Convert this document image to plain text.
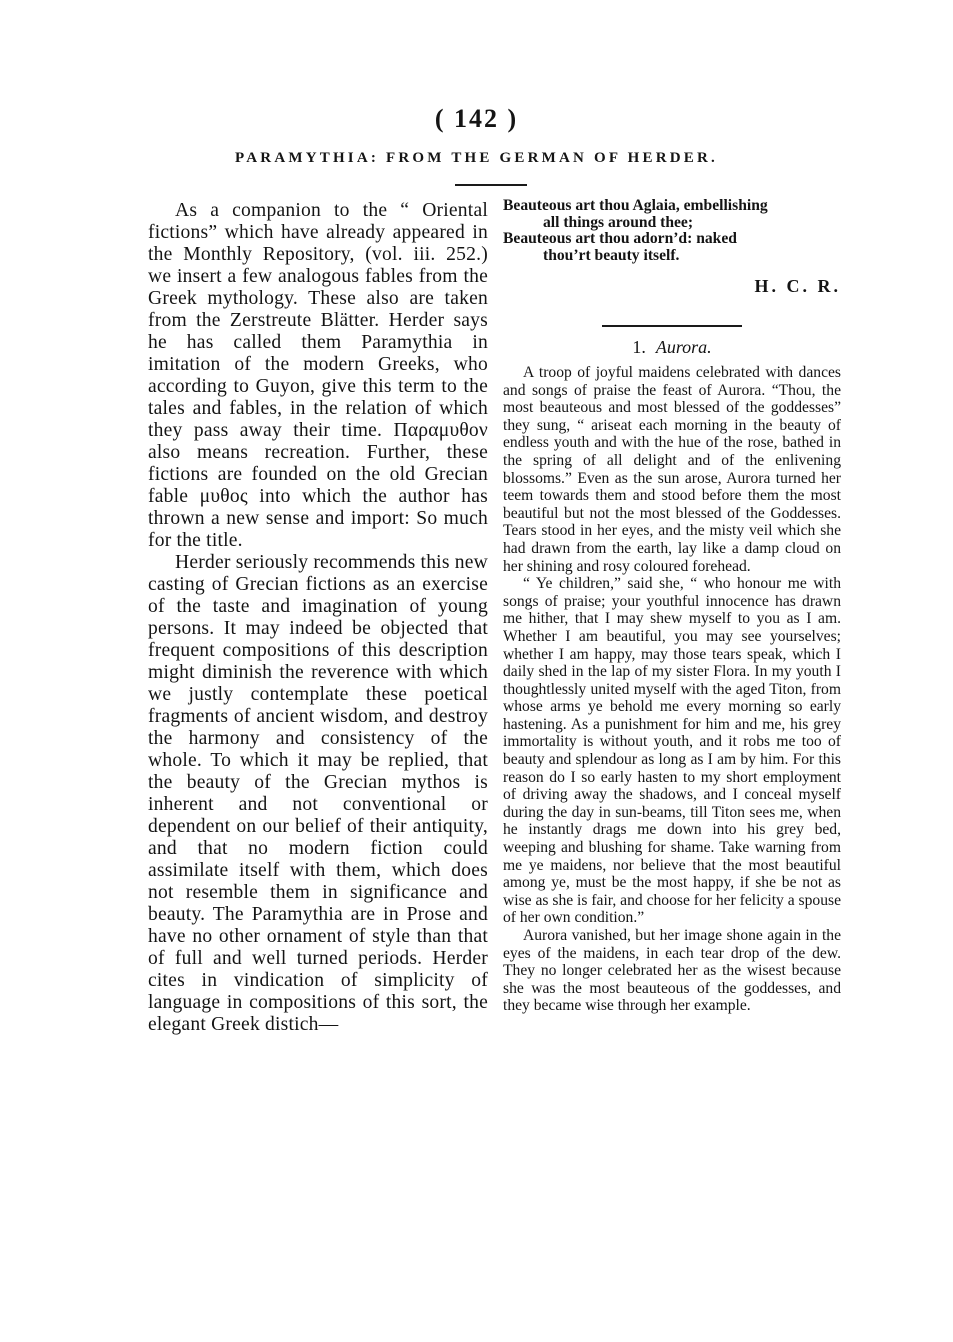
( 142 )
PARAMYTHIA: FROM THE GERMAN OF HERDER.

As a companion to the “ Oriental fictions” which have already appeared in the Monthly Repository, (vol. iii. 252.) we insert a few analogous fables from the Greek mythology. These also are taken from the Zerstreute Blätter. Herder says he has called them Paramythia in imitation of the modern Greeks, who according to Guyon, give this term to the tales and fables, in the relation of which they pass away their time. Παραμυθον also means recreation. Further, these fictions are founded on the old Grecian fable μυθος into which the author has thrown a new sense and import: So much for the title.

Herder seriously recommends this new casting of Grecian fictions as an exercise of the taste and imagination of young persons. It may indeed be objected that frequent compositions of this description might diminish the reverence with which we justly contemplate these poetical fragments of ancient wisdom, and destroy the harmony and consistency of the whole. To which it may be replied, that the beauty of the Grecian mythos is inherent and not conventional or dependent on our belief of their antiquity, and that no modern fiction could assimilate itself with them, which does not resemble them in significance and beauty. The Paramythia are in Prose and have no other ornament of style than that of full and well turned periods. Herder cites in vindication of simplicity of language in compositions of this sort, the elegant Greek distich—

Beauteous art thou Aglaia, embellishing
all things around thee;
Beauteous art thou adorn’d: naked
thou’rt beauty itself.
H. C. R.
1. Aurora.

A troop of joyful maidens celebrated with dances and songs of praise the feast of Aurora. “Thou, the most beauteous and most blessed of the goddesses” they sung, “ ariseat each morning in the beauty of endless youth and with the hue of the rose, bathed in the spring of all delight and of the enlivening blossoms.” Even as the sun arose, Aurora turned her teem towards them and stood before them the most beautiful but not the most blessed of the Goddesses. Tears stood in her eyes, and the misty veil which she had drawn from the earth, lay like a damp cloud on her shining and rosy coloured forehead.

“ Ye children,” said she, “ who honour me with songs of praise; your youthful innocence has drawn me hither, that I may shew myself to you as I am. Whether I am beautiful, you may see yourselves; whether I am happy, may those tears speak, which I daily shed in the lap of my sister Flora. In my youth I thoughtlessly united myself with the aged Titon, from whose arms ye behold me every morning so early hastening. As a punishment for him and me, his grey immortality is without youth, and it robs me too of beauty and splendour as long as I am by him. For this reason do I so early hasten to my short employment of driving away the shadows, and I conceal myself during the day in sun-beams, till Titon sees me, when he instantly drags me down into his grey bed, weeping and blushing for shame. Take warning from me ye maidens, nor believe that the most beautiful among ye, must be the most happy, if she be not as wise as she is fair, and choose for her felicity a spouse of her own condition.”

Aurora vanished, but her image shone again in the eyes of the maidens, in each tear drop of the dew. They no longer celebrated her as the wisest because she was the most beauteous of the goddesses, and they became wise through her example.
